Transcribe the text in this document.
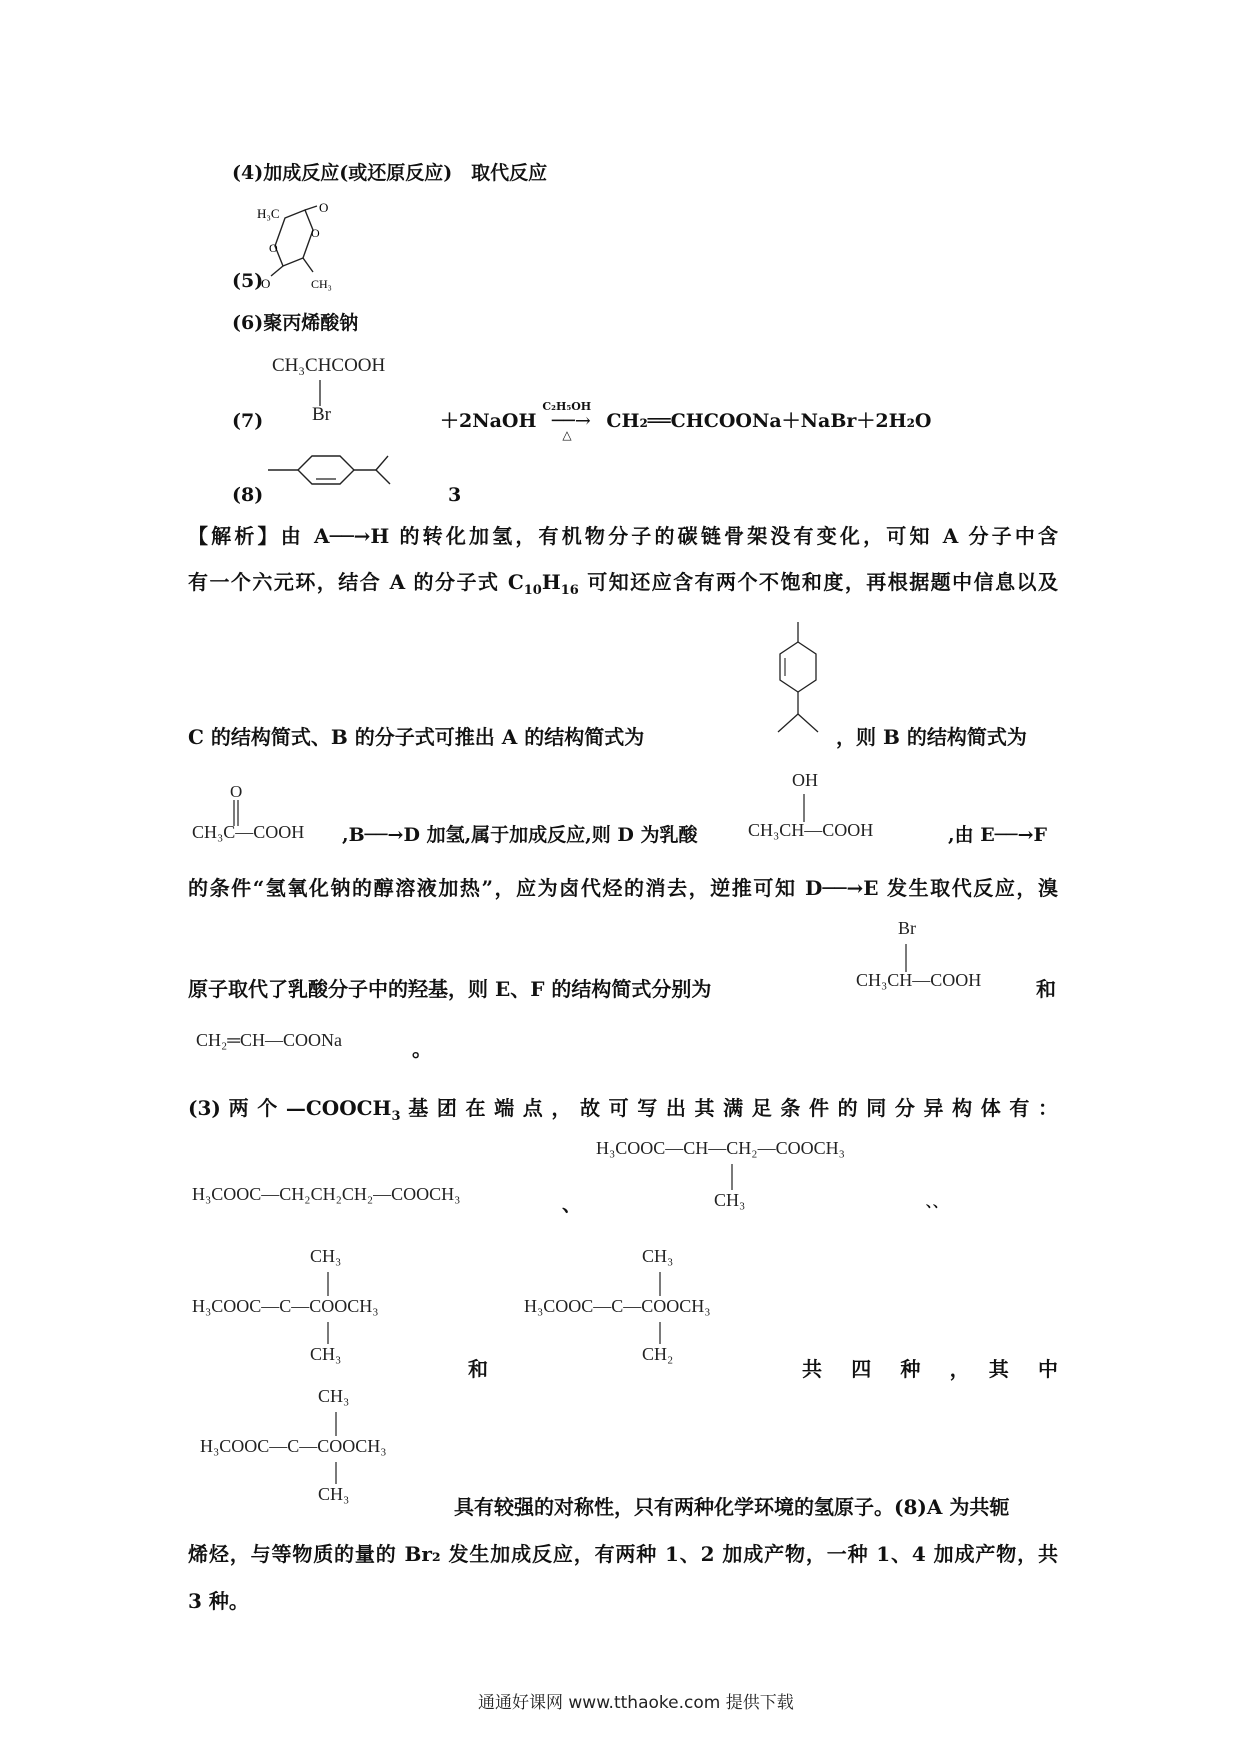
(4)加成反应(或还原反应)　取代反应
H₃C	O
O
O
O	CH₃
(5)
(6)聚丙烯酸钠
CH₃CHCOOH
Br
(7)	＋2NaOH
C₂H₅OH
──→
△
CH₂══CHCOONa＋NaBr＋2H₂O
(8)	3
【解析】由 A──→H 的转化加氢，有机物分子的碳链骨架没有变化，可知 A 分子中含
有一个六元环，结合 A 的分子式 $C_{10}H_{16}$ 可知还应含有两个不饱和度，再根据题中信息以及
C 的结构简式、B 的分子式可推出 A 的结构简式为	，则 B 的结构简式为
O
CH₃C—COOH ,B──→D 加氢,属于加成反应,则 D 为乳酸
OH
CH₃CH—COOH	,由 E──→F
的条件“氢氧化钠的醇溶液加热”，应为卤代烃的消去，逆推可知 D──→E 发生取代反应，溴
Br
CH₃CH—COOH
原子取代了乳酸分子中的羟基，则 E、F 的结构简式分别为	和
CH₂═CH—COONa	。
(3) 两 个 $—COOCH_3$ 基 团 在 端 点 ， 故 可 写 出 其 满 足 条 件 的 同 分 异 构 体 有 ：
H₃COOC—CH₂CH₂CH₂—COOCH₃	、
H₃COOC—CH—CH₂—COOCH₃
CH₃	、、
CH₃
H₃COOC—C—COOCH₃
CH₃
CH₃
H₃COOC—C—COOCH₃
CH₂
和	共　四　种　，　其　中
CH₃
H₃COOC—C—COOCH₃
CH₃
具有较强的对称性，只有两种化学环境的氢原子。(8)A 为共轭
烯烃，与等物质的量的 Br₂ 发生加成反应，有两种 1、2 加成产物，一种 1、4 加成产物，共
3 种。
通通好课网 www.tthaoke.com 提供下载
